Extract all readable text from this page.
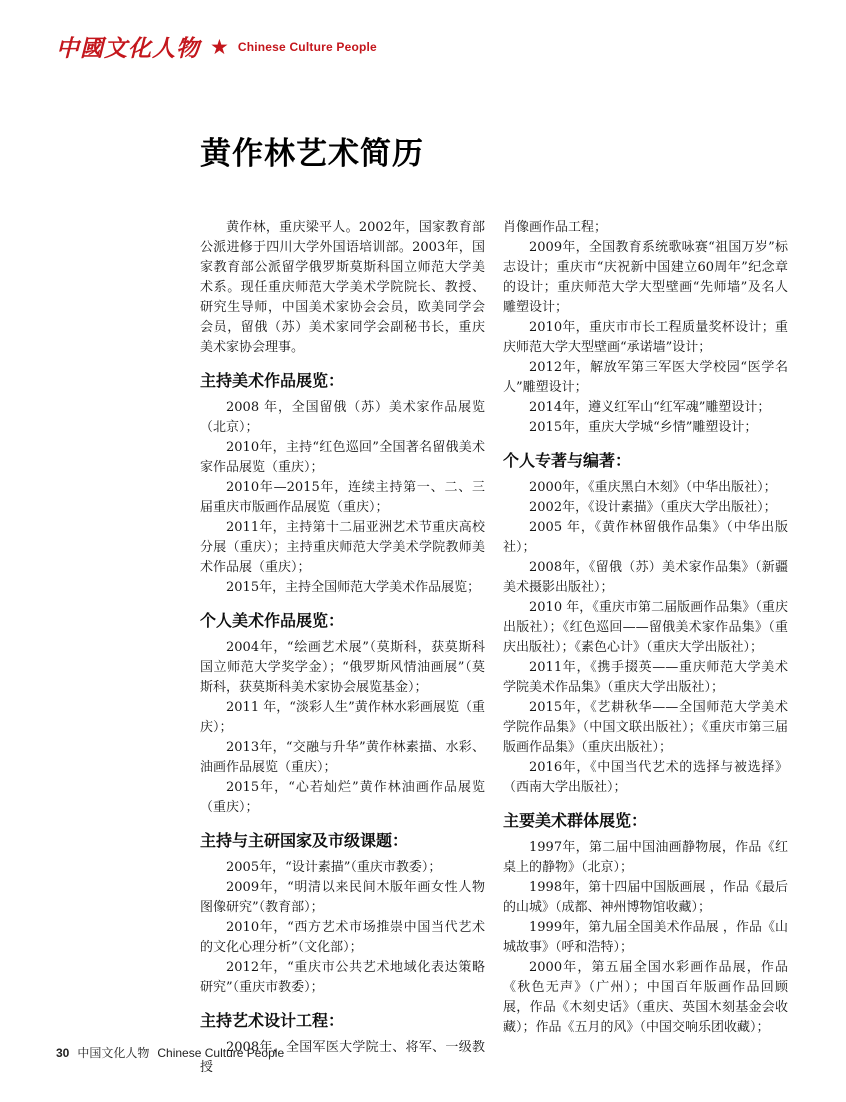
中國文化人物 ★ Chinese Culture People
黄作林艺术简历

黄作林，重庆梁平人。2002年，国家教育部公派进修于四川大学外国语培训部。2003年，国家教育部公派留学俄罗斯莫斯科国立师范大学美术系。现任重庆师范大学美术学院院长、教授、研究生导师，中国美术家协会会员，欧美同学会会员，留俄（苏）美术家同学会副秘书长，重庆美术家协会理事。

主持美术作品展览：

2008 年，全国留俄（苏）美术家作品展览（北京）；

2010年，主持“红色巡回”全国著名留俄美术家作品展览（重庆）；

2010年—2015年，连续主持第一、二、三届重庆市版画作品展览（重庆）；

2011年，主持第十二届亚洲艺术节重庆高校分展（重庆）；主持重庆师范大学美术学院教师美术作品展（重庆）；

2015年，主持全国师范大学美术作品展览；

个人美术作品展览：

2004年，“绘画艺术展”（莫斯科，获莫斯科国立师范大学奖学金）；“俄罗斯风情油画展”（莫斯科，获莫斯科美术家协会展览基金）；

2011 年，“淡彩人生”黄作林水彩画展览（重庆）；

2013年，“交融与升华”黄作林素描、水彩、油画作品展览（重庆）；

2015年，“心若灿烂”黄作林油画作品展览（重庆）；

主持与主研国家及市级课题：

2005年，“设计素描”（重庆市教委）；

2009年，“明清以来民间木版年画女性人物图像研究”（教育部）；

2010年，“西方艺术市场推崇中国当代艺术的文化心理分析”（文化部）；

2012年，“重庆市公共艺术地域化表达策略研究”（重庆市教委）；

主持艺术设计工程：

2008年，全国军医大学院士、将军、一级教授

肖像画作品工程；

2009年，全国教育系统歌咏赛“祖国万岁”标志设计；重庆市“庆祝新中国建立60周年”纪念章的设计；重庆师范大学大型壁画“先师墙”及名人雕塑设计；

2010年，重庆市市长工程质量奖杯设计；重庆师范大学大型壁画“承诺墙”设计；

2012年，解放军第三军医大学校园“医学名人”雕塑设计；

2014年，遵义红军山“红军魂”雕塑设计；

2015年，重庆大学城“乡情”雕塑设计；

个人专著与编著：

2000年，《重庆黑白木刻》（中华出版社）；

2002年，《设计素描》（重庆大学出版社）；

2005 年，《黄作林留俄作品集》（中华出版社）；

2008年，《留俄（苏）美术家作品集》（新疆美术摄影出版社）；

2010 年，《重庆市第二届版画作品集》（重庆出版社）；《红色巡回——留俄美术家作品集》（重庆出版社）；《素色心计》（重庆大学出版社）；

2011年，《携手掇英——重庆师范大学美术学院美术作品集》（重庆大学出版社）；

2015年，《艺耕秋华——全国师范大学美术学院作品集》（中国文联出版社）；《重庆市第三届版画作品集》（重庆出版社）；

2016年，《中国当代艺术的选择与被选择》（西南大学出版社）；

主要美术群体展览：

1997年，第二届中国油画静物展，作品《红桌上的静物》（北京）；

1998年，第十四届中国版画展 ，作品《最后的山城》（成都、神州博物馆收藏）；

1999年，第九届全国美术作品展 ，作品《山城故事》（呼和浩特）；

2000年，第五届全国水彩画作品展，作品《秋色无声》（广州）；中国百年版画作品回顾展，作品《木刻史话》（重庆、英国木刻基金会收藏）；作品《五月的风》（中国交响乐团收藏）；

30 中国文化人物 Chinese Culture People
